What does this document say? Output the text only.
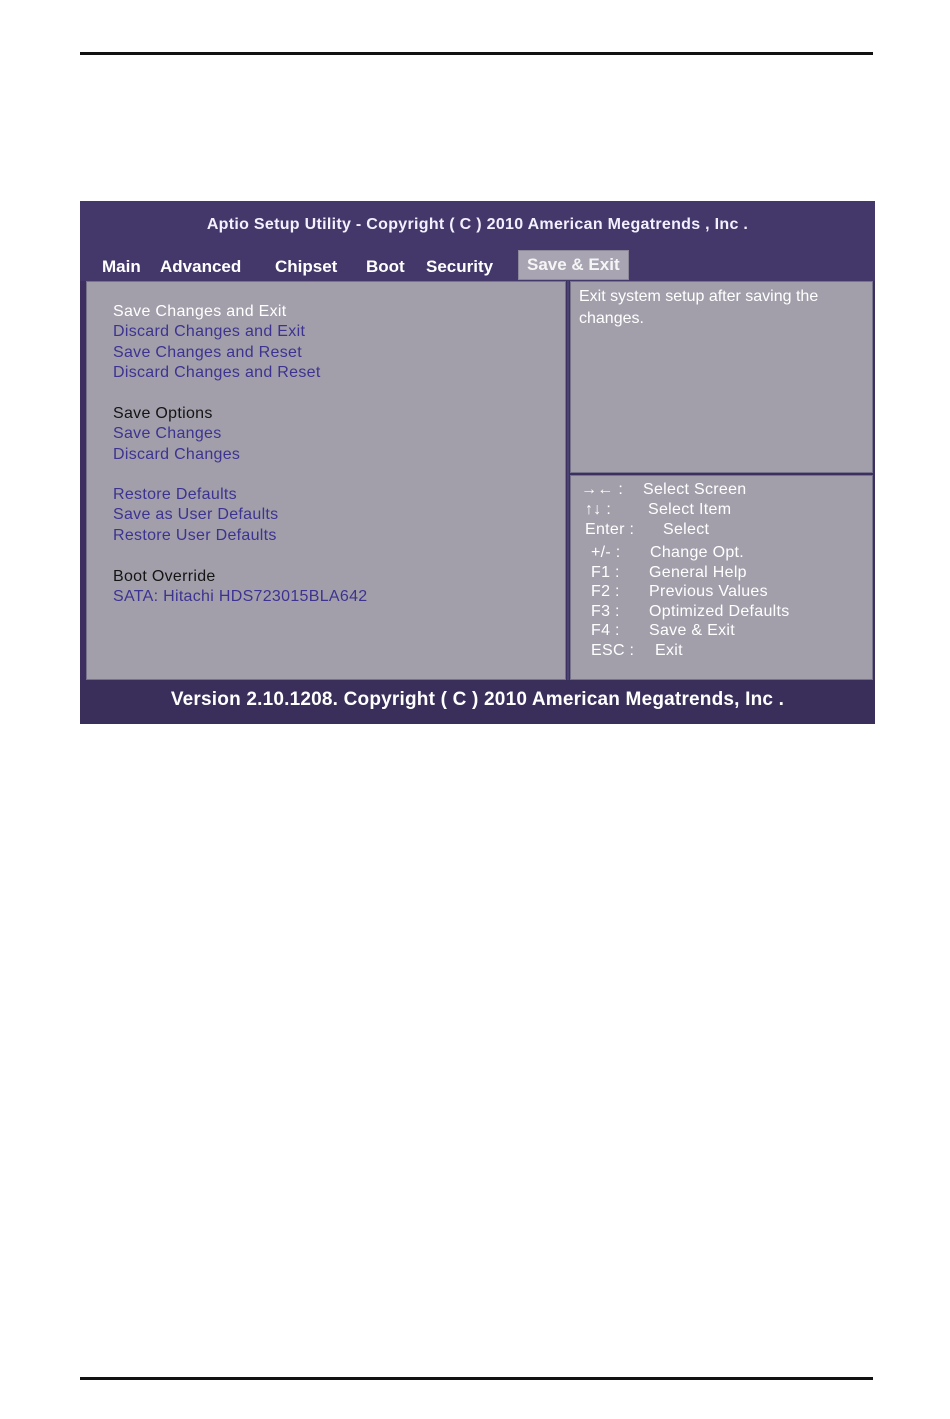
Aptio Setup Utility - Copyright ( C ) 2010 American Megatrends , Inc .
Main Advanced Chipset Boot Security	Save & Exit
Save Changes and Exit
Discard Changes and Exit
Save Changes and Reset
Discard Changes and Reset
Save Options
Save Changes
Discard Changes
Restore Defaults
Save as User Defaults
Restore User Defaults
Boot Override
SATA: Hitachi HDS723015BLA642
Exit system setup after saving the changes.
→← : Select Screen
↑↓ : Select Item
Enter : Select
+/- : Change Opt.
F1 : General Help
F2 : Previous Values
F3 : Optimized Defaults
F4 : Save & Exit
ESC : Exit
Version 2.10.1208. Copyright ( C ) 2010 American Megatrends, Inc .
